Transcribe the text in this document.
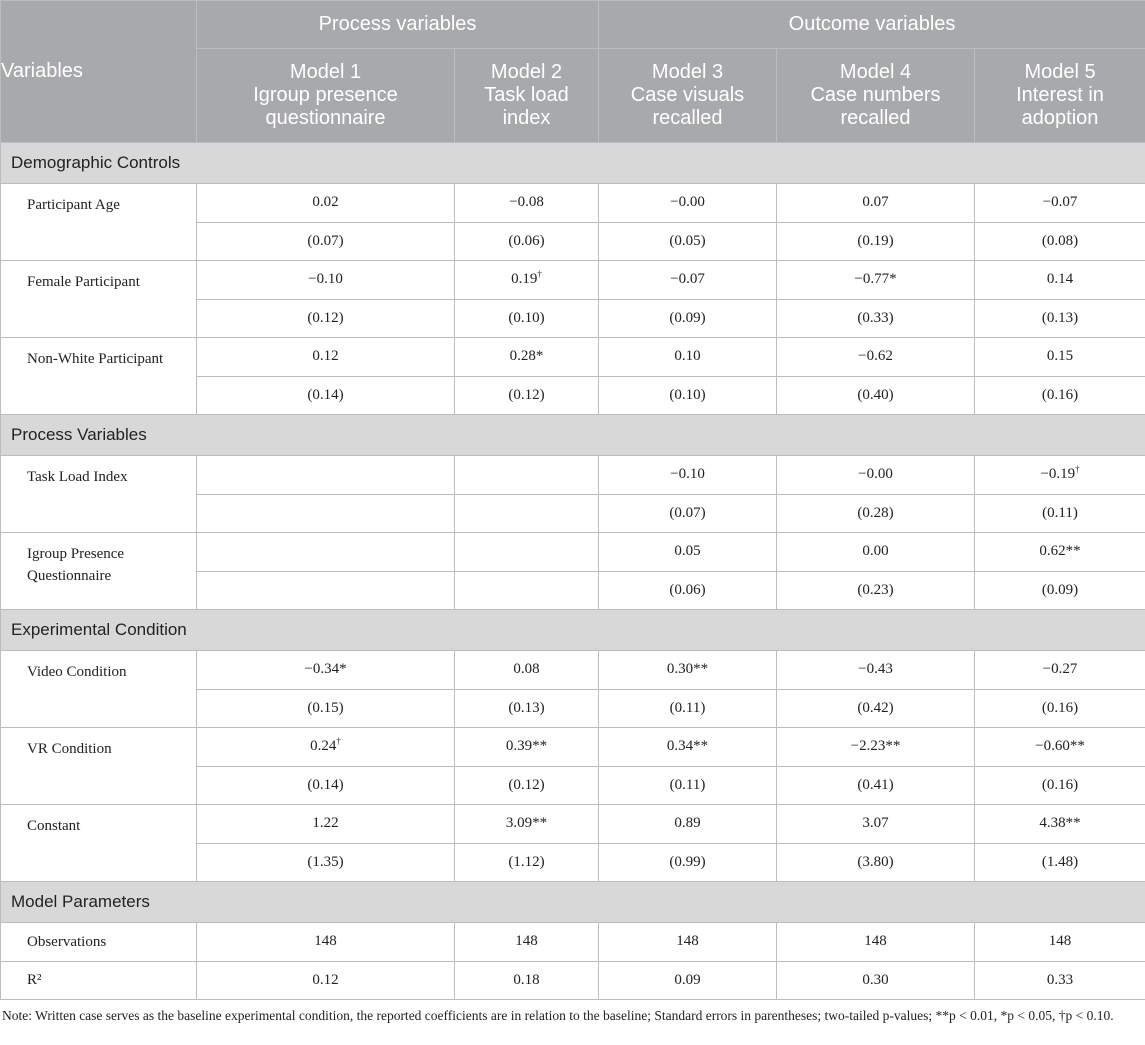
Variables	Process variables		Outcome variables		

	Model 1
Igroup presence
questionnaire	Model 2
Task load
index	Model 3
Case visuals
recalled	Model 4
Case numbers
recalled	Model 5
Interest in
adoption

Demographic Controls					
Participant Age	0.02	−0.08	−0.00	0.07	−0.07
	(0.07)	(0.06)	(0.05)	(0.19)	(0.08)
Female Participant	−0.10	0.19†	−0.07	−0.77*	0.14
	(0.12)	(0.10)	(0.09)	(0.33)	(0.13)
Non-White Participant	0.12	0.28*	0.10	−0.62	0.15
	(0.14)	(0.12)	(0.10)	(0.40)	(0.16)
Process Variables					
Task Load Index			−0.10	−0.00	−0.19†
			(0.07)	(0.28)	(0.11)
Igroup Presence Questionnaire			0.05	0.00	0.62**
			(0.06)	(0.23)	(0.09)
Experimental Condition					
Video Condition	−0.34*	0.08	0.30**	−0.43	−0.27
	(0.15)	(0.13)	(0.11)	(0.42)	(0.16)
VR Condition	0.24†	0.39**	0.34**	−2.23**	−0.60**
	(0.14)	(0.12)	(0.11)	(0.41)	(0.16)
Constant	1.22	3.09**	0.89	3.07	4.38**
	(1.35)	(1.12)	(0.99)	(3.80)	(1.48)
Model Parameters					
Observations	148	148	148	148	148
R²	0.12	0.18	0.09	0.30	0.33
Note: Written case serves as the baseline experimental condition, the reported coefficients are in relation to the baseline; Standard errors in parentheses; two-tailed p-values; **p < 0.01, *p < 0.05, †p < 0.10.
